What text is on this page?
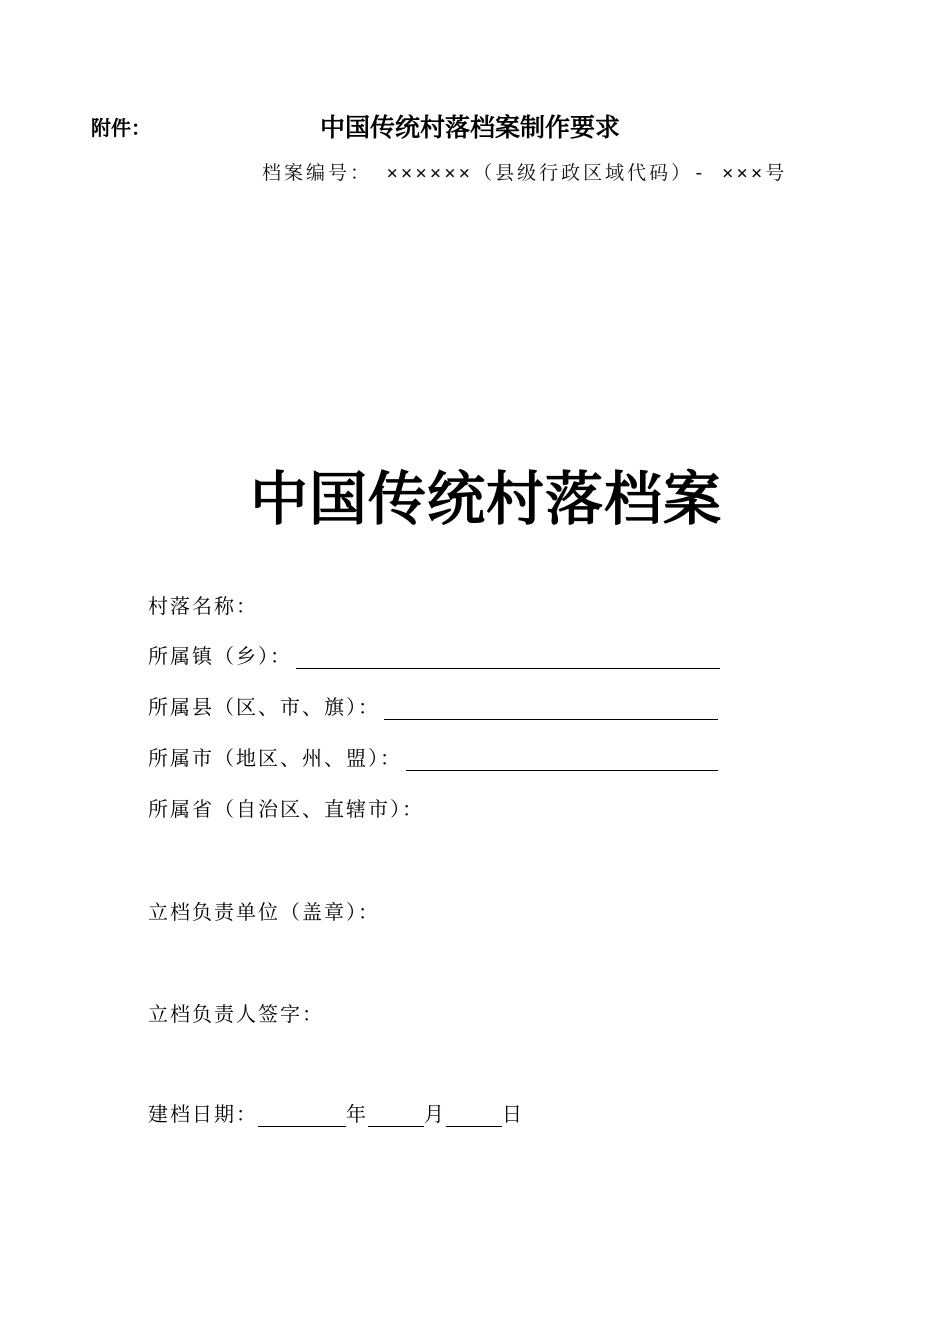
附件：	中国传统村落档案制作要求
档案编号： ××××××（县级行政区域代码）- ×××号
中国传统村落档案
村落名称：
所属镇（乡）：
所属县（区、市、旗）：
所属市（地区、州、盟）：
所属省（自治区、直辖市）：
立档负责单位（盖章）：
立档负责人签字：
建档日期：	年	月	日
